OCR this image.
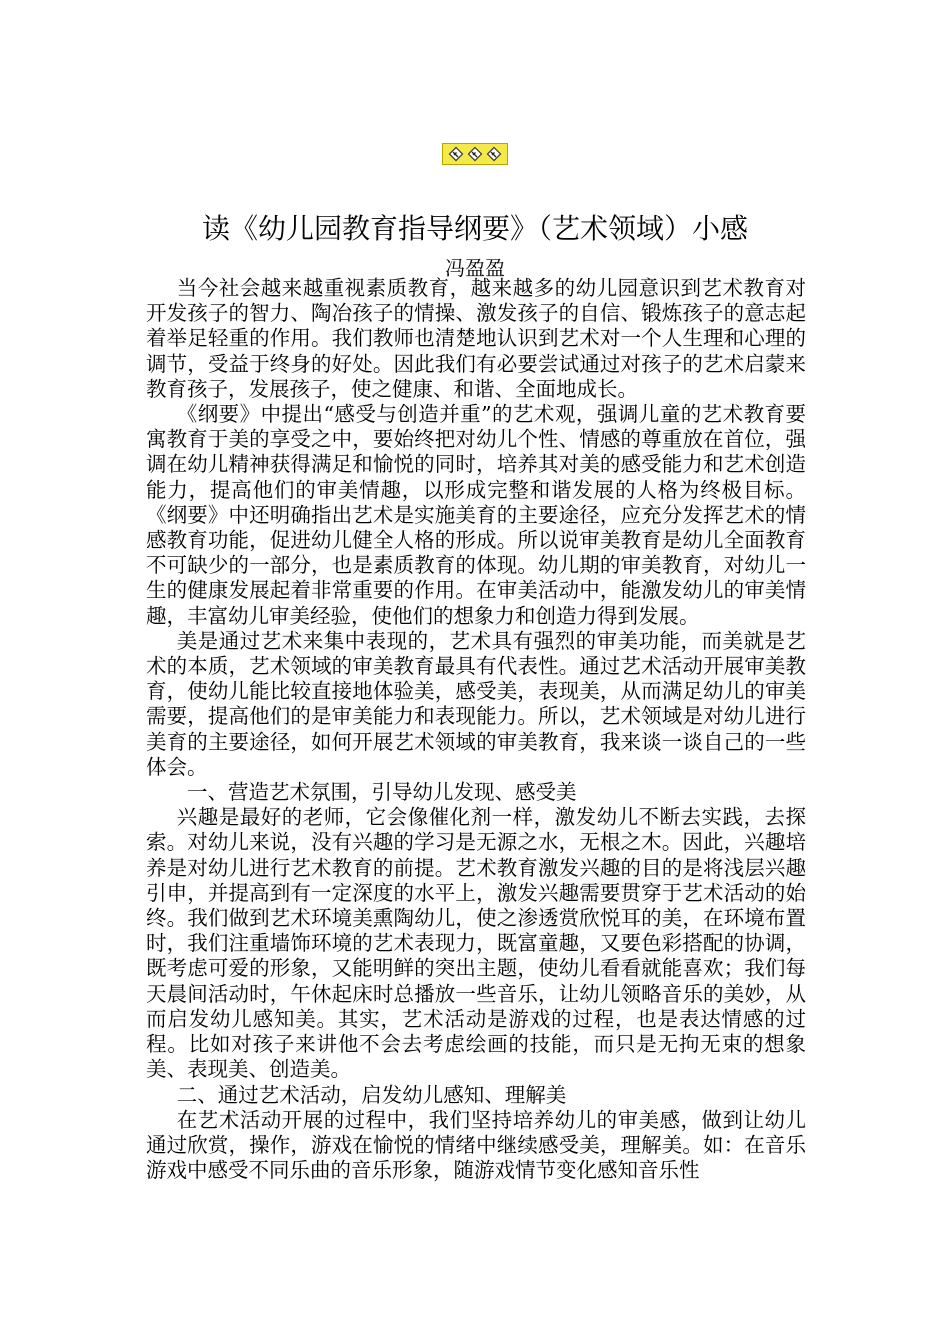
读《幼儿园教育指导纲要》（艺术领域）小感
冯盈盈

当今社会越来越重视素质教育，越来越多的幼儿园意识到艺术教育对开发孩子的智力、陶冶孩子的情操、激发孩子的自信、锻炼孩子的意志起着举足轻重的作用。我们教师也清楚地认识到艺术对一个人生理和心理的调节，受益于终身的好处。因此我们有必要尝试通过对孩子的艺术启蒙来教育孩子，发展孩子，使之健康、和谐、全面地成长。

《纲要》中提出“感受与创造并重”的艺术观，强调儿童的艺术教育要寓教育于美的享受之中，要始终把对幼儿个性、情感的尊重放在首位，强调在幼儿精神获得满足和愉悦的同时，培养其对美的感受能力和艺术创造能力，提高他们的审美情趣，以形成完整和谐发展的人格为终极目标。《纲要》中还明确指出艺术是实施美育的主要途径，应充分发挥艺术的情感教育功能，促进幼儿健全人格的形成。所以说审美教育是幼儿全面教育不可缺少的一部分，也是素质教育的体现。幼儿期的审美教育，对幼儿一生的健康发展起着非常重要的作用。在审美活动中，能激发幼儿的审美情趣，丰富幼儿审美经验，使他们的想象力和创造力得到发展。

美是通过艺术来集中表现的，艺术具有强烈的审美功能，而美就是艺术的本质，艺术领域的审美教育最具有代表性。通过艺术活动开展审美教育，使幼儿能比较直接地体验美，感受美，表现美，从而满足幼儿的审美需要，提高他们的是审美能力和表现能力。所以，艺术领域是对幼儿进行美育的主要途径，如何开展艺术领域的审美教育，我来谈一谈自己的一些体会。

一、营造艺术氛围，引导幼儿发现、感受美

兴趣是最好的老师，它会像催化剂一样，激发幼儿不断去实践，去探索。对幼儿来说，没有兴趣的学习是无源之水，无根之木。因此，兴趣培养是对幼儿进行艺术教育的前提。艺术教育激发兴趣的目的是将浅层兴趣引申，并提高到有一定深度的水平上，激发兴趣需要贯穿于艺术活动的始终。我们做到艺术环境美熏陶幼儿，使之渗透赏欣悦耳的美，在环境布置时，我们注重墙饰环境的艺术表现力，既富童趣，又要色彩搭配的协调，既考虑可爱的形象，又能明鲜的突出主题，使幼儿看看就能喜欢；我们每天晨间活动时，午休起床时总播放一些音乐，让幼儿领略音乐的美妙，从而启发幼儿感知美。其实，艺术活动是游戏的过程，也是表达情感的过程。比如对孩子来讲他不会去考虑绘画的技能，而只是无拘无束的想象美、表现美、创造美。

二、通过艺术活动，启发幼儿感知、理解美

在艺术活动开展的过程中，我们坚持培养幼儿的审美感，做到让幼儿通过欣赏，操作，游戏在愉悦的情绪中继续感受美，理解美。如：在音乐游戏中感受不同乐曲的音乐形象，随游戏情节变化感知音乐性
